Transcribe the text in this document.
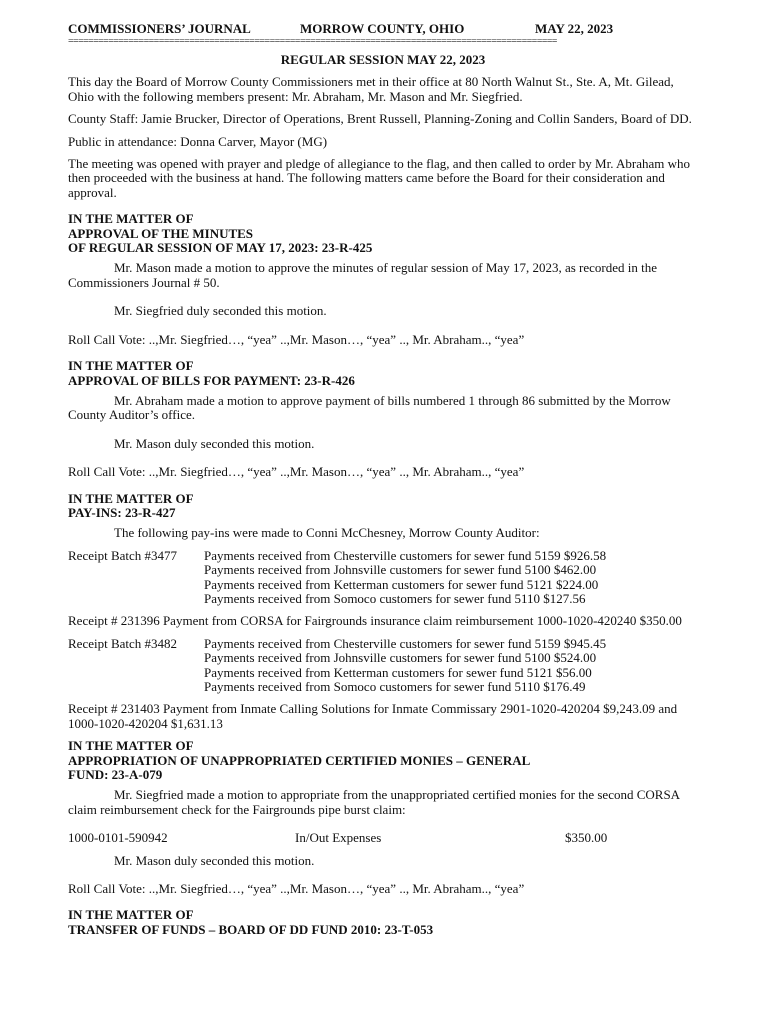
COMMISSIONERS’ JOURNAL	MORROW COUNTY, OHIO	MAY 22, 2023
=================================================================================================
REGULAR SESSION MAY 22, 2023

This day the Board of Morrow County Commissioners met in their office at 80 North Walnut St., Ste. A, Mt. Gilead, Ohio with the following members present: Mr. Abraham, Mr. Mason and Mr. Siegfried.

County Staff: Jamie Brucker, Director of Operations, Brent Russell, Planning-Zoning and Collin Sanders, Board of DD.

Public in attendance: Donna Carver, Mayor (MG)

The meeting was opened with prayer and pledge of allegiance to the flag, and then called to order by Mr. Abraham who then proceeded with the business at hand. The following matters came before the Board for their consideration and approval.

IN THE MATTER OF
APPROVAL OF THE MINUTES
OF REGULAR SESSION OF MAY 17, 2023: 23-R-425

Mr. Mason made a motion to approve the minutes of regular session of May 17, 2023, as recorded in the Commissioners Journal # 50.

Mr. Siegfried duly seconded this motion.

Roll Call Vote: ..,Mr. Siegfried…, “yea” ..,Mr. Mason…, “yea” .., Mr. Abraham.., “yea”

IN THE MATTER OF
APPROVAL OF BILLS FOR PAYMENT: 23-R-426

Mr. Abraham made a motion to approve payment of bills numbered 1 through 86 submitted by the Morrow County Auditor’s office.

Mr. Mason duly seconded this motion.

Roll Call Vote: ..,Mr. Siegfried…, “yea” ..,Mr. Mason…, “yea” .., Mr. Abraham.., “yea”

IN THE MATTER OF
PAY-INS: 23-R-427

The following pay-ins were made to Conni McChesney, Morrow County Auditor:

Receipt Batch #3477	Payments received from Chesterville customers for sewer fund 5159 $926.58
Payments received from Johnsville customers for sewer fund 5100 $462.00
Payments received from Ketterman customers for sewer fund 5121 $224.00
Payments received from Somoco customers for sewer fund 5110 $127.56

Receipt # 231396 Payment from CORSA for Fairgrounds insurance claim reimbursement 1000-1020-420240 $350.00

Receipt Batch #3482	Payments received from Chesterville customers for sewer fund 5159 $945.45
Payments received from Johnsville customers for sewer fund 5100 $524.00
Payments received from Ketterman customers for sewer fund 5121 $56.00
Payments received from Somoco customers for sewer fund 5110 $176.49

Receipt # 231403 Payment from Inmate Calling Solutions for Inmate Commissary 2901-1020-420204 $9,243.09 and 1000-1020-420204 $1,631.13

IN THE MATTER OF
APPROPRIATION OF UNAPPROPRIATED CERTIFIED MONIES – GENERAL
FUND: 23-A-079

Mr. Siegfried made a motion to appropriate from the unappropriated certified monies for the second CORSA claim reimbursement check for the Fairgrounds pipe burst claim:

1000-0101-590942	In/Out Expenses	$350.00

Mr. Mason duly seconded this motion.

Roll Call Vote: ..,Mr. Siegfried…, “yea” ..,Mr. Mason…, “yea” .., Mr. Abraham.., “yea”

IN THE MATTER OF
TRANSFER OF FUNDS – BOARD OF DD FUND 2010: 23-T-053
